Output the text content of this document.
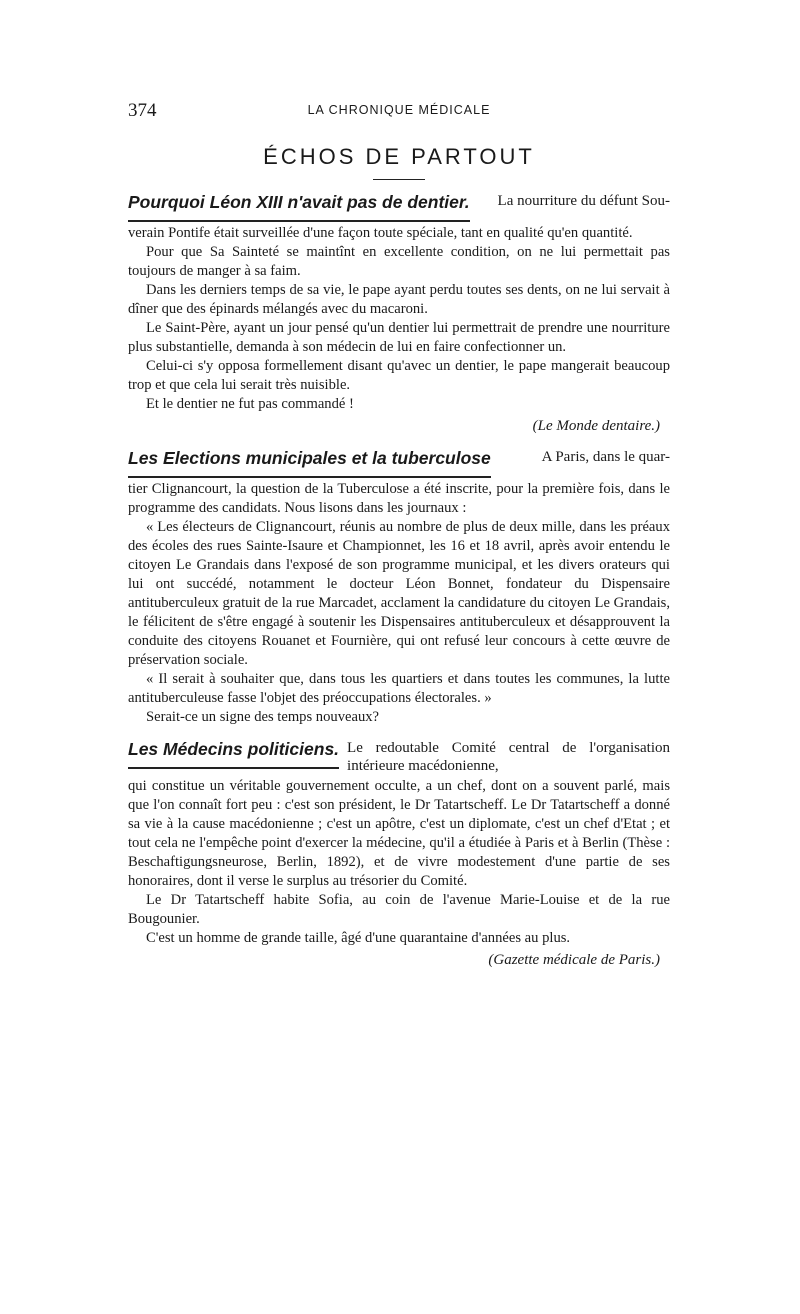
374	LA CHRONIQUE MÉDICALE
ÉCHOS DE PARTOUT
Pourquoi Léon XIII n'avait pas de dentier.	La nourriture du défunt Sou-

verain Pontife était surveillée d'une façon toute spéciale, tant en qualité qu'en quantité.

Pour que Sa Sainteté se maintînt en excellente condition, on ne lui permettait pas toujours de manger à sa faim.

Dans les derniers temps de sa vie, le pape ayant perdu toutes ses dents, on ne lui servait à dîner que des épinards mélangés avec du macaroni.

Le Saint-Père, ayant un jour pensé qu'un dentier lui permettrait de prendre une nourriture plus substantielle, demanda à son médecin de lui en faire confectionner un.

Celui-ci s'y opposa formellement disant qu'avec un dentier, le pape mangerait beaucoup trop et que cela lui serait très nuisible.

Et le dentier ne fut pas commandé !

(Le Monde dentaire.)
Les Elections municipales et la tuberculose	A Paris, dans le quar-

tier Clignancourt, la question de la Tuberculose a été inscrite, pour la première fois, dans le programme des candidats. Nous lisons dans les journaux :

« Les électeurs de Clignancourt, réunis au nombre de plus de deux mille, dans les préaux des écoles des rues Sainte-Isaure et Championnet, les 16 et 18 avril, après avoir entendu le citoyen Le Grandais dans l'exposé de son programme municipal, et les divers orateurs qui lui ont succédé, notamment le docteur Léon Bonnet, fondateur du Dispensaire antituberculeux gratuit de la rue Marcadet, acclament la candidature du citoyen Le Grandais, le félicitent de s'être engagé à soutenir les Dispensaires antituberculeux et désapprouvent la conduite des citoyens Rouanet et Fournière, qui ont refusé leur concours à cette œuvre de préservation sociale.

« Il serait à souhaiter que, dans tous les quartiers et dans toutes les communes, la lutte antituberculeuse fasse l'objet des préoccupations électorales. »

Serait-ce un signe des temps nouveaux?

Les Médecins politiciens. Le redoutable Comité central de l'organisation intérieure macédonienne,

qui constitue un véritable gouvernement occulte, a un chef, dont on a souvent parlé, mais que l'on connaît fort peu : c'est son président, le Dr Tatartscheff. Le Dr Tatartscheff a donné sa vie à la cause macédonienne ; c'est un apôtre, c'est un diplomate, c'est un chef d'Etat ; et tout cela ne l'empêche point d'exercer la médecine, qu'il a étudiée à Paris et à Berlin (Thèse : Beschaftigungsneurose, Berlin, 1892), et de vivre modestement d'une partie de ses honoraires, dont il verse le surplus au trésorier du Comité.

Le Dr Tatartscheff habite Sofia, au coin de l'avenue Marie-Louise et de la rue Bougounier.

C'est un homme de grande taille, âgé d'une quarantaine d'années au plus.

(Gazette médicale de Paris.)
